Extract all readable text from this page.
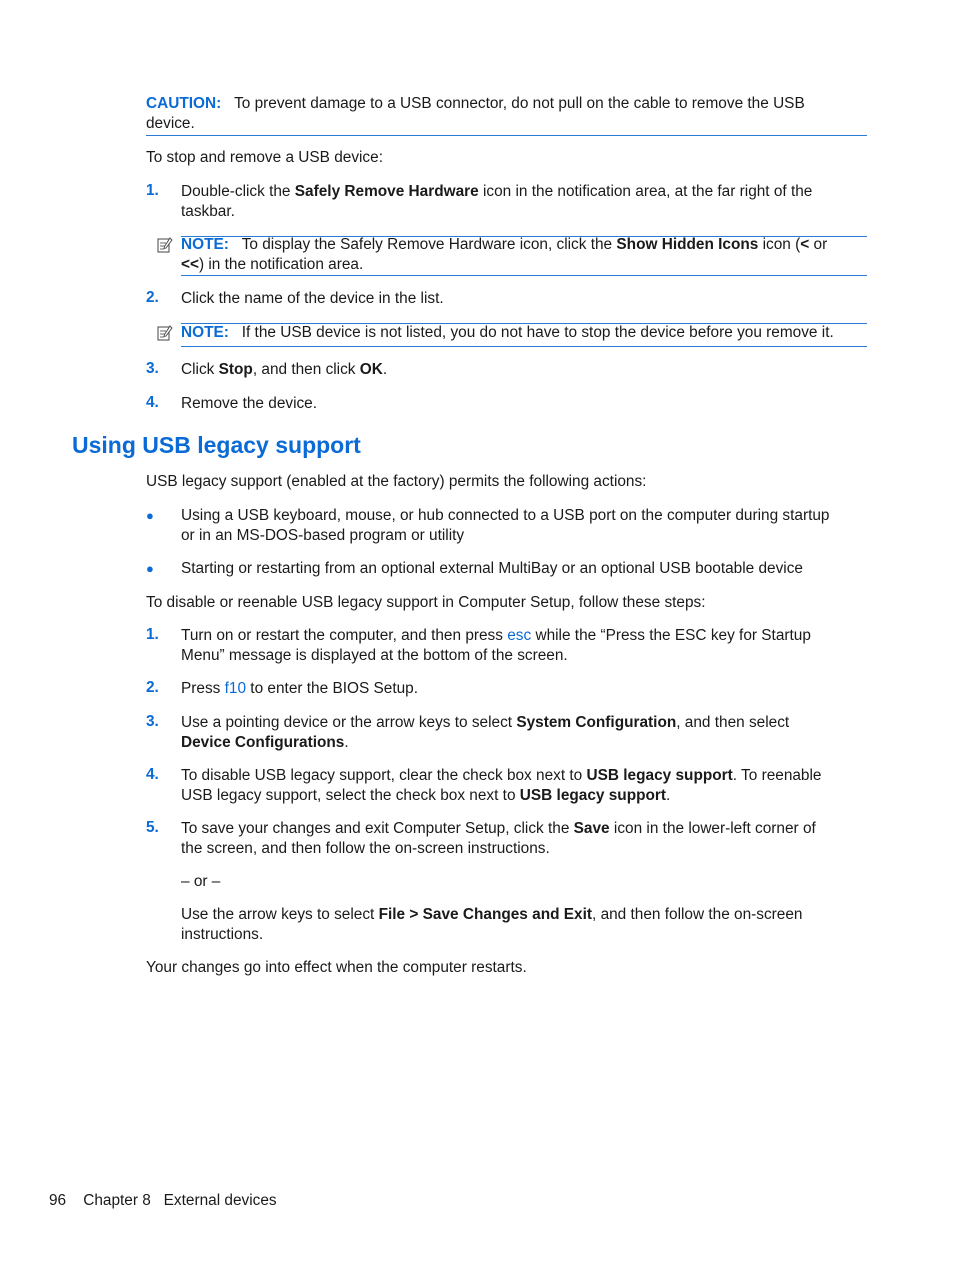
CAUTION: To prevent damage to a USB connector, do not pull on the cable to remove the USB
device.
To stop and remove a USB device:
1. Double-click the Safely Remove Hardware icon in the notification area, at the far right of the
taskbar.
NOTE: To display the Safely Remove Hardware icon, click the Show Hidden Icons icon (< or
<<) in the notification area.
2. Click the name of the device in the list.
NOTE: If the USB device is not listed, you do not have to stop the device before you remove it.
3. Click Stop, and then click OK.
4. Remove the device.
Using USB legacy support
USB legacy support (enabled at the factory) permits the following actions:
● Using a USB keyboard, mouse, or hub connected to a USB port on the computer during startup
or in an MS-DOS-based program or utility
● Starting or restarting from an optional external MultiBay or an optional USB bootable device
To disable or reenable USB legacy support in Computer Setup, follow these steps:
1. Turn on or restart the computer, and then press esc while the “Press the ESC key for Startup
Menu” message is displayed at the bottom of the screen.
2. Press f10 to enter the BIOS Setup.
3. Use a pointing device or the arrow keys to select System Configuration, and then select
Device Configurations.
4. To disable USB legacy support, clear the check box next to USB legacy support. To reenable
USB legacy support, select the check box next to USB legacy support.
5. To save your changes and exit Computer Setup, click the Save icon in the lower-left corner of
the screen, and then follow the on-screen instructions.
– or –
Use the arrow keys to select File > Save Changes and Exit, and then follow the on-screen
instructions.
Your changes go into effect when the computer restarts.
96 Chapter 8 External devices
